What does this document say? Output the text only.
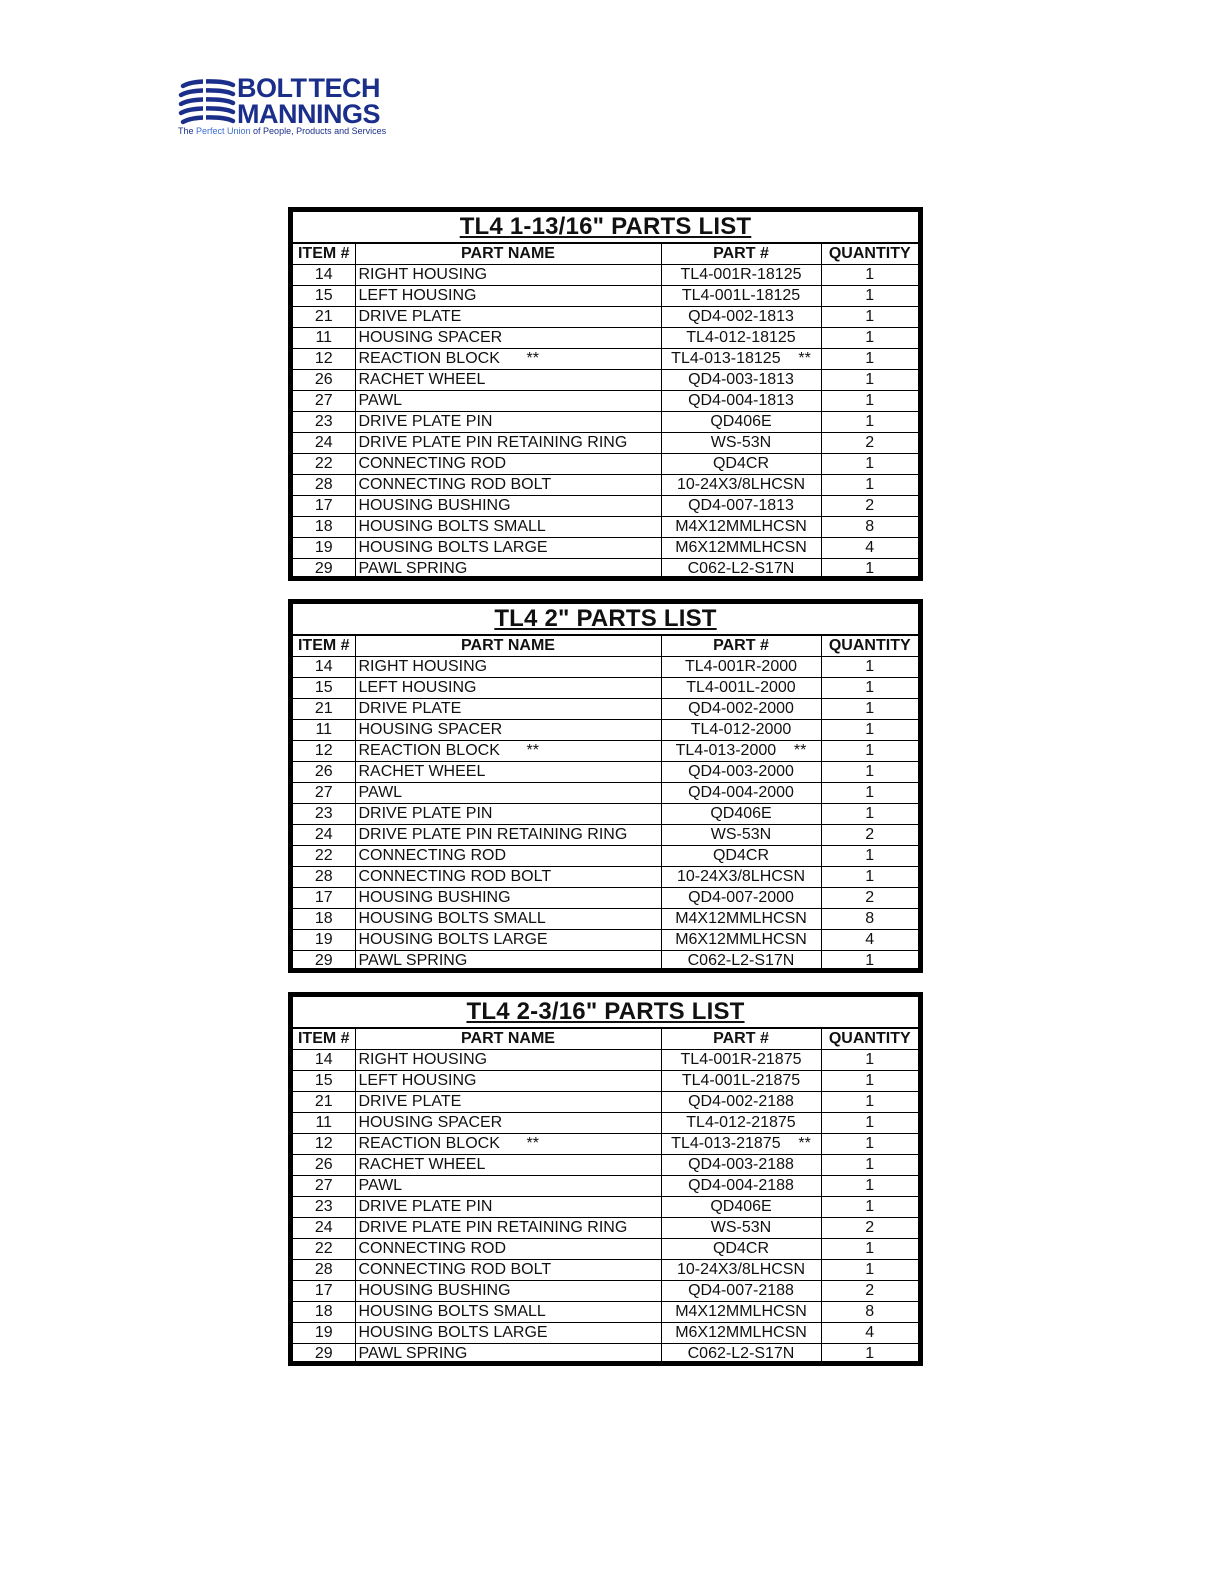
BOLTTECH
MANNINGS
The Perfect Union of People, Products and Services
TL4 1-13/16" PARTS LIST
ITEM #	PART NAME	PART #	QUANTITY
14	RIGHT HOUSING	TL4-001R-18125	1
15	LEFT HOUSING	TL4-001L-18125	1
21	DRIVE PLATE	QD4-002-1813	1
11	HOUSING SPACER	TL4-012-18125	1
12	REACTION BLOCK      **	TL4-013-18125    **	1
26	RACHET WHEEL	QD4-003-1813	1
27	PAWL	QD4-004-1813	1
23	DRIVE PLATE PIN	QD406E	1
24	DRIVE PLATE PIN RETAINING RING	WS-53N	2
22	CONNECTING ROD	QD4CR	1
28	CONNECTING ROD BOLT	10-24X3/8LHCSN	1
17	HOUSING BUSHING	QD4-007-1813	2
18	HOUSING BOLTS SMALL	M4X12MMLHCSN	8
19	HOUSING BOLTS LARGE	M6X12MMLHCSN	4
29	PAWL SPRING	C062-L2-S17N	1
TL4 2" PARTS LIST
ITEM #	PART NAME	PART #	QUANTITY
14	RIGHT HOUSING	TL4-001R-2000	1
15	LEFT HOUSING	TL4-001L-2000	1
21	DRIVE PLATE	QD4-002-2000	1
11	HOUSING SPACER	TL4-012-2000	1
12	REACTION BLOCK      **	TL4-013-2000    **	1
26	RACHET WHEEL	QD4-003-2000	1
27	PAWL	QD4-004-2000	1
23	DRIVE PLATE PIN	QD406E	1
24	DRIVE PLATE PIN RETAINING RING	WS-53N	2
22	CONNECTING ROD	QD4CR	1
28	CONNECTING ROD BOLT	10-24X3/8LHCSN	1
17	HOUSING BUSHING	QD4-007-2000	2
18	HOUSING BOLTS SMALL	M4X12MMLHCSN	8
19	HOUSING BOLTS LARGE	M6X12MMLHCSN	4
29	PAWL SPRING	C062-L2-S17N	1
TL4 2-3/16" PARTS LIST
ITEM #	PART NAME	PART #	QUANTITY
14	RIGHT HOUSING	TL4-001R-21875	1
15	LEFT HOUSING	TL4-001L-21875	1
21	DRIVE PLATE	QD4-002-2188	1
11	HOUSING SPACER	TL4-012-21875	1
12	REACTION BLOCK      **	TL4-013-21875    **	1
26	RACHET WHEEL	QD4-003-2188	1
27	PAWL	QD4-004-2188	1
23	DRIVE PLATE PIN	QD406E	1
24	DRIVE PLATE PIN RETAINING RING	WS-53N	2
22	CONNECTING ROD	QD4CR	1
28	CONNECTING ROD BOLT	10-24X3/8LHCSN	1
17	HOUSING BUSHING	QD4-007-2188	2
18	HOUSING BOLTS SMALL	M4X12MMLHCSN	8
19	HOUSING BOLTS LARGE	M6X12MMLHCSN	4
29	PAWL SPRING	C062-L2-S17N	1
